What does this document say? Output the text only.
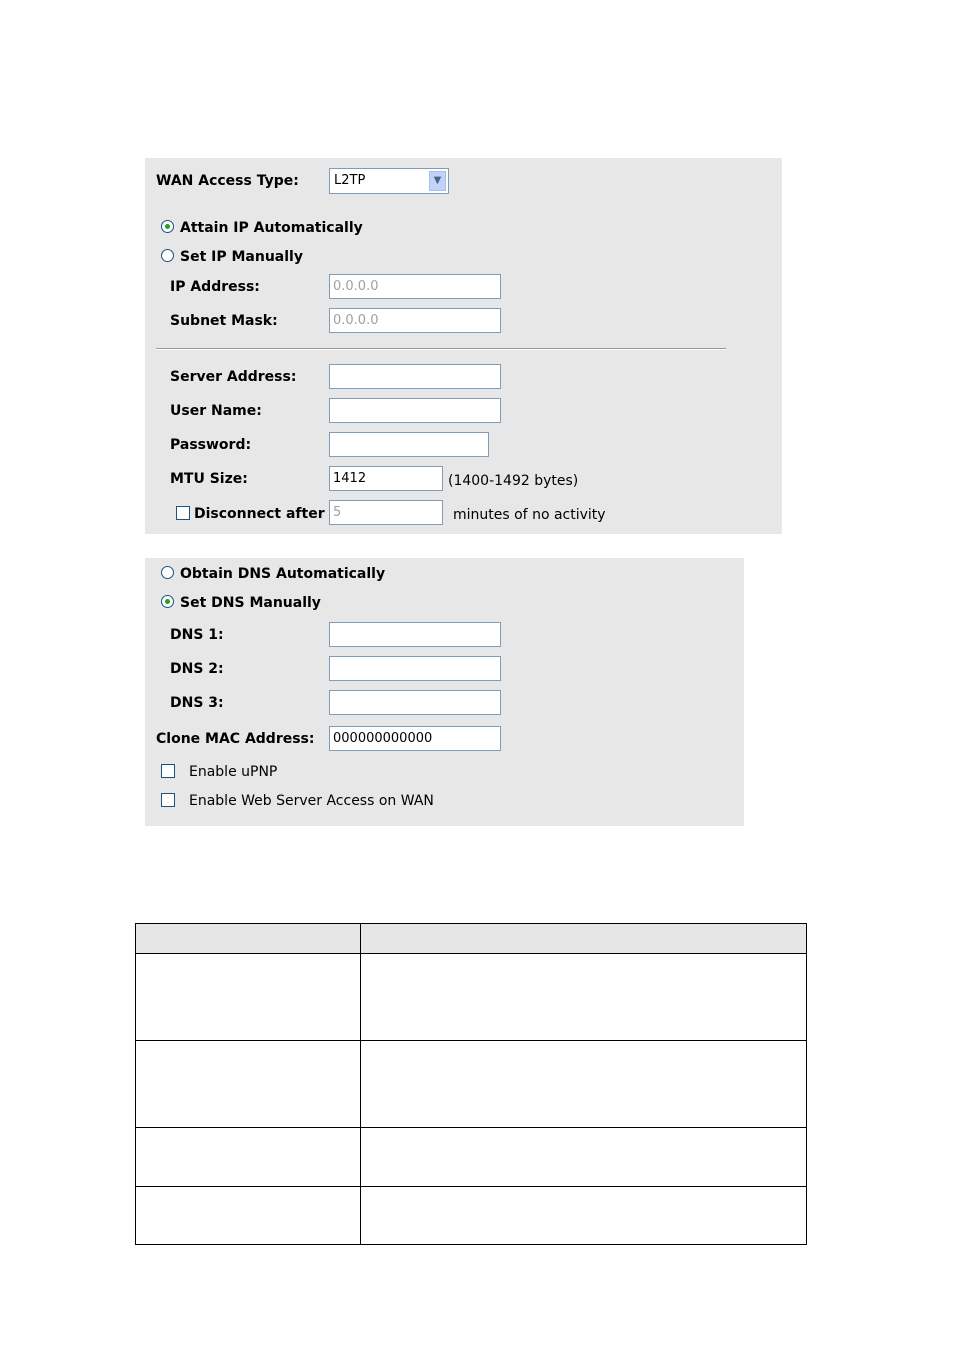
WAN Access Type:	L2TP	▼
Attain IP Automatically
Set IP Manually
IP Address:	0.0.0.0
Subnet Mask:	0.0.0.0
Server Address:
User Name:
Password:
MTU Size:	1412	(1400-1492 bytes)
Disconnect after 5	minutes of no activity
Obtain DNS Automatically
Set DNS Manually
DNS 1:
DNS 2:
DNS 3:
Clone MAC Address:	000000000000
Enable uPNP
Enable Web Server Access on WAN
